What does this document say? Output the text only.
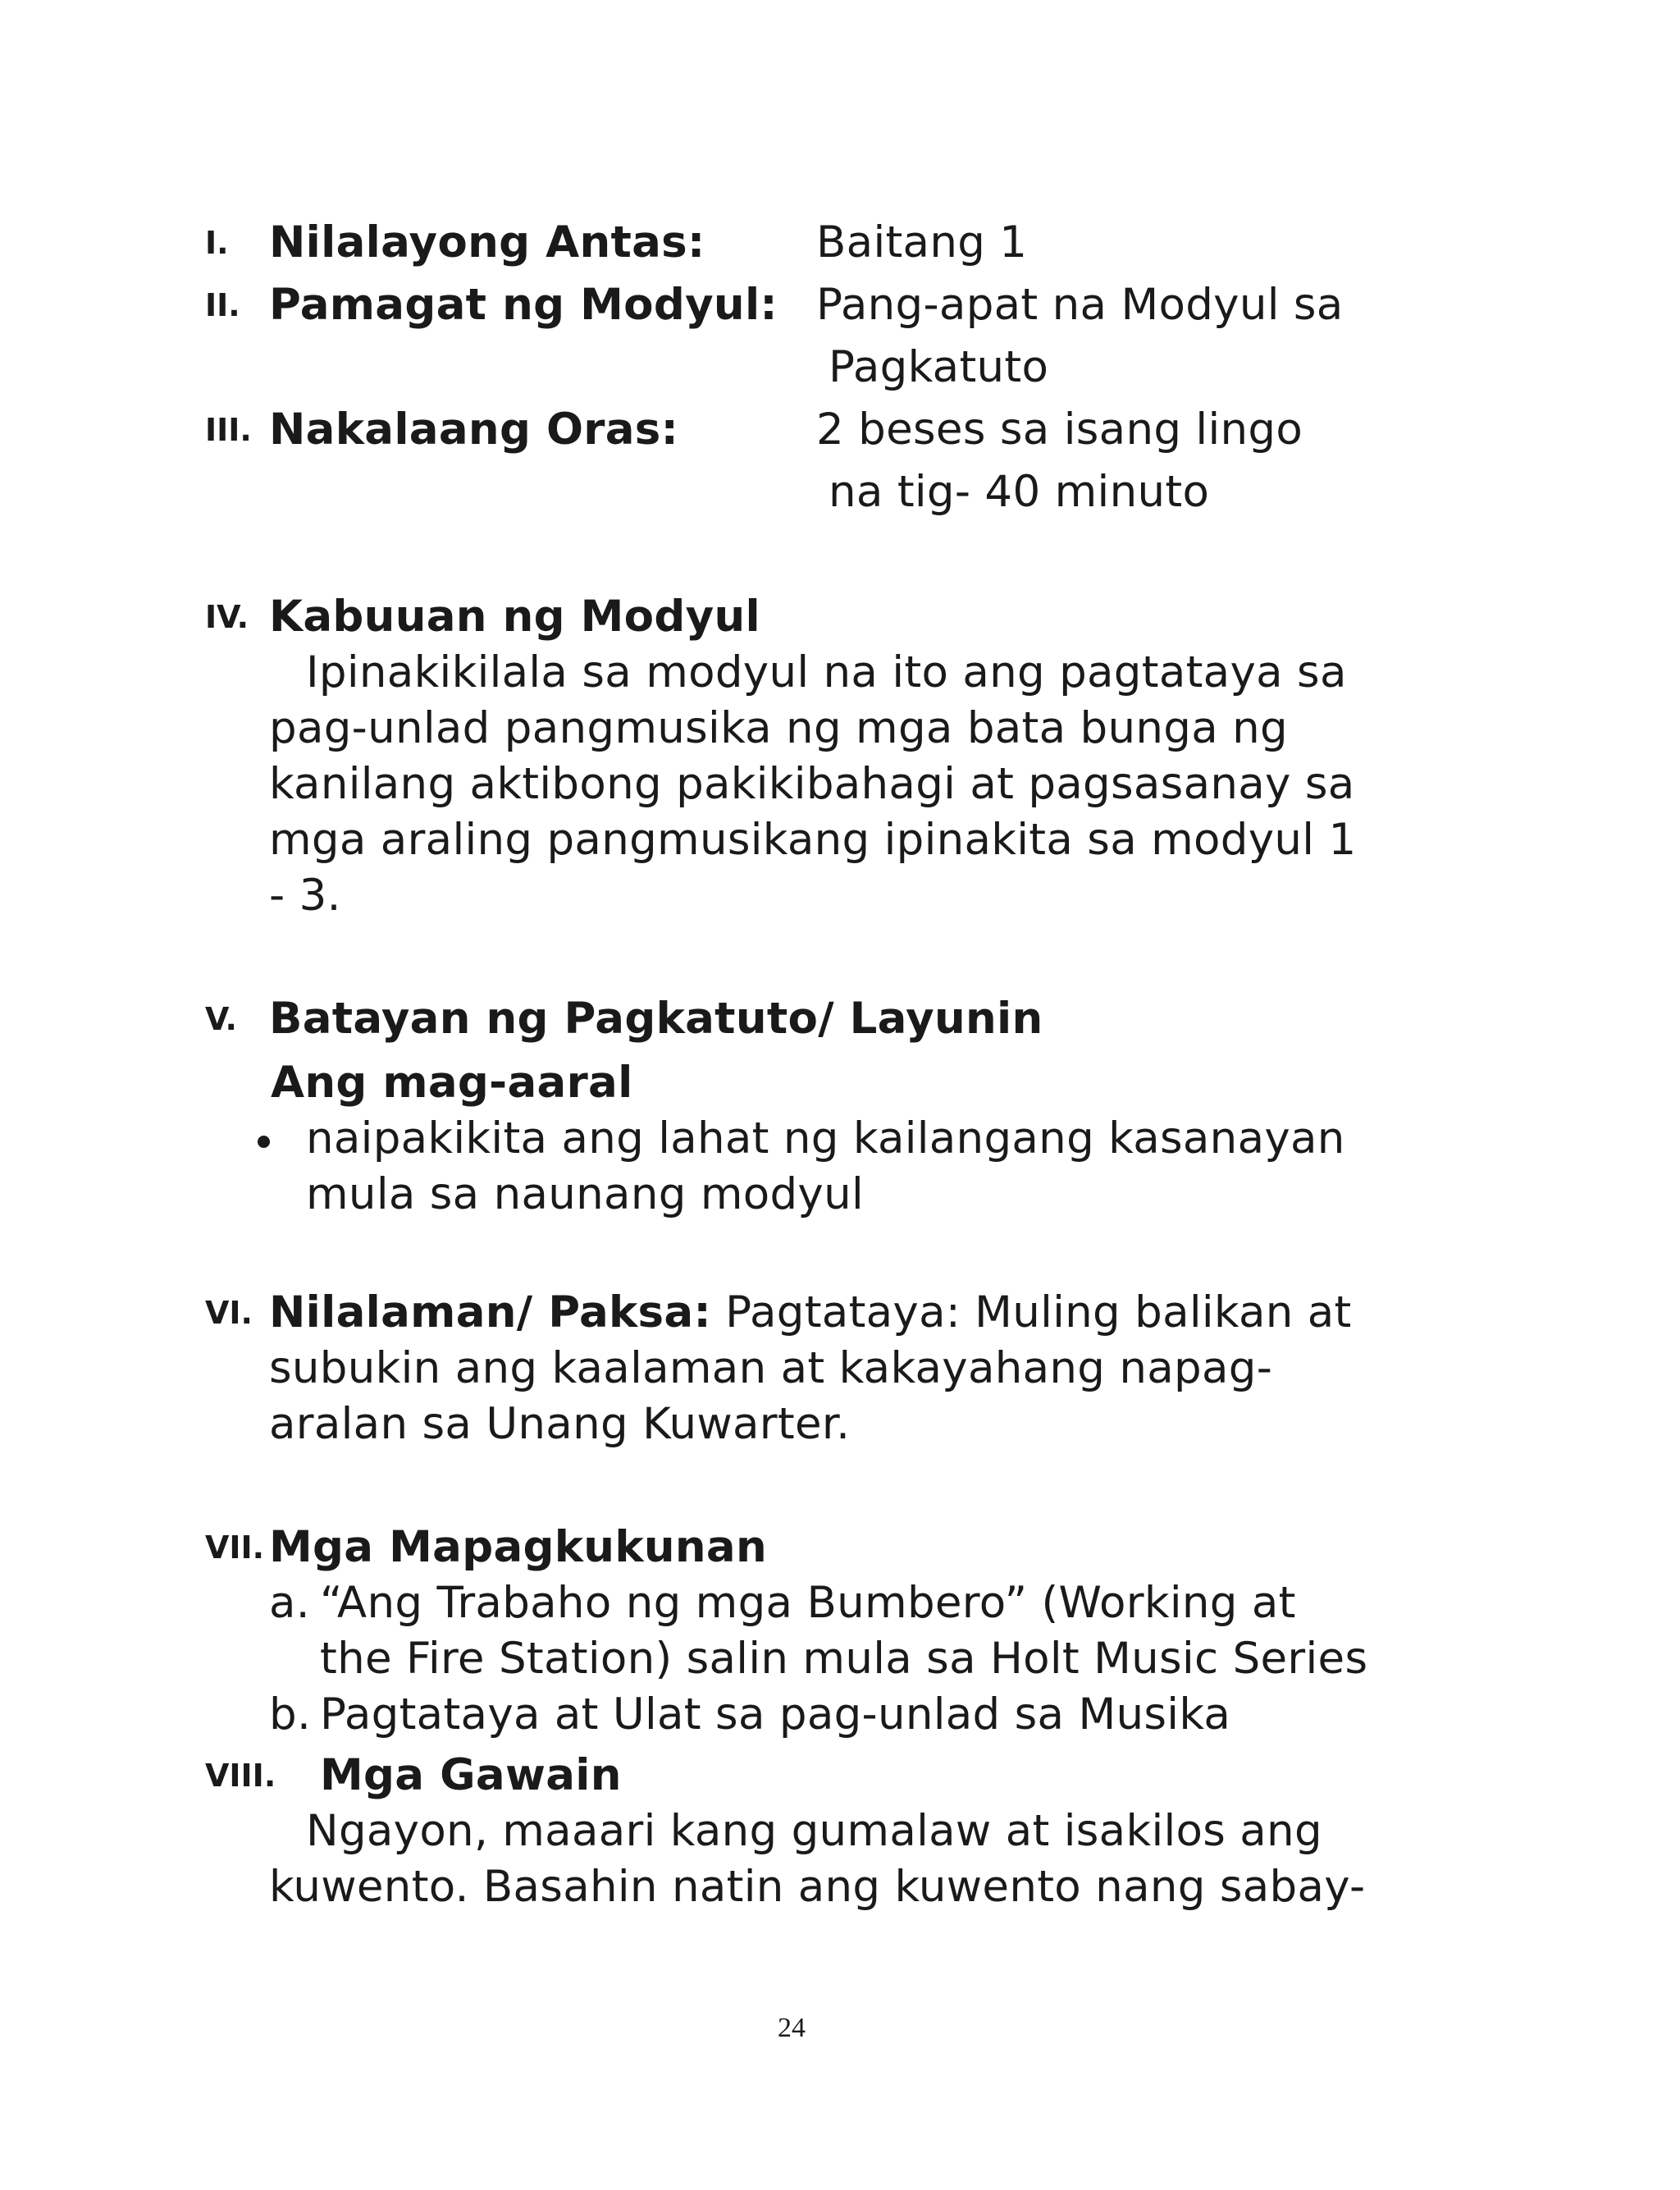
I. Nilalayong Antas:	Baitang 1
II. Pamagat ng Modyul: Pang-apat na Modyul sa
Pagkatuto
III. Nakalaang Oras:	2 beses sa isang lingo
na tig- 40 minuto
IV. Kabuuan ng Modyul
Ipinakikilala sa modyul na ito ang pagtataya sa
pag-unlad pangmusika ng mga bata bunga ng
kanilang aktibong pakikibahagi at pagsasanay sa
mga araling pangmusikang ipinakita sa modyul 1
- 3.
V. Batayan ng Pagkatuto/ Layunin
Ang mag-aaral
naipakikita ang lahat ng kailangang kasanayan
mula sa naunang modyul
VI. Nilalaman/ Paksa: Pagtataya: Muling balikan at
subukin ang kaalaman at kakayahang napag-
aralan sa Unang Kuwarter.
VII. Mga Mapagkukunan
a. “Ang Trabaho ng mga Bumbero” (Working at
the Fire Station) salin mula sa Holt Music Series
b. Pagtataya at Ulat sa pag-unlad sa Musika
VIII. Mga Gawain
Ngayon, maaari kang gumalaw at isakilos ang
kuwento. Basahin natin ang kuwento nang sabay-
24
